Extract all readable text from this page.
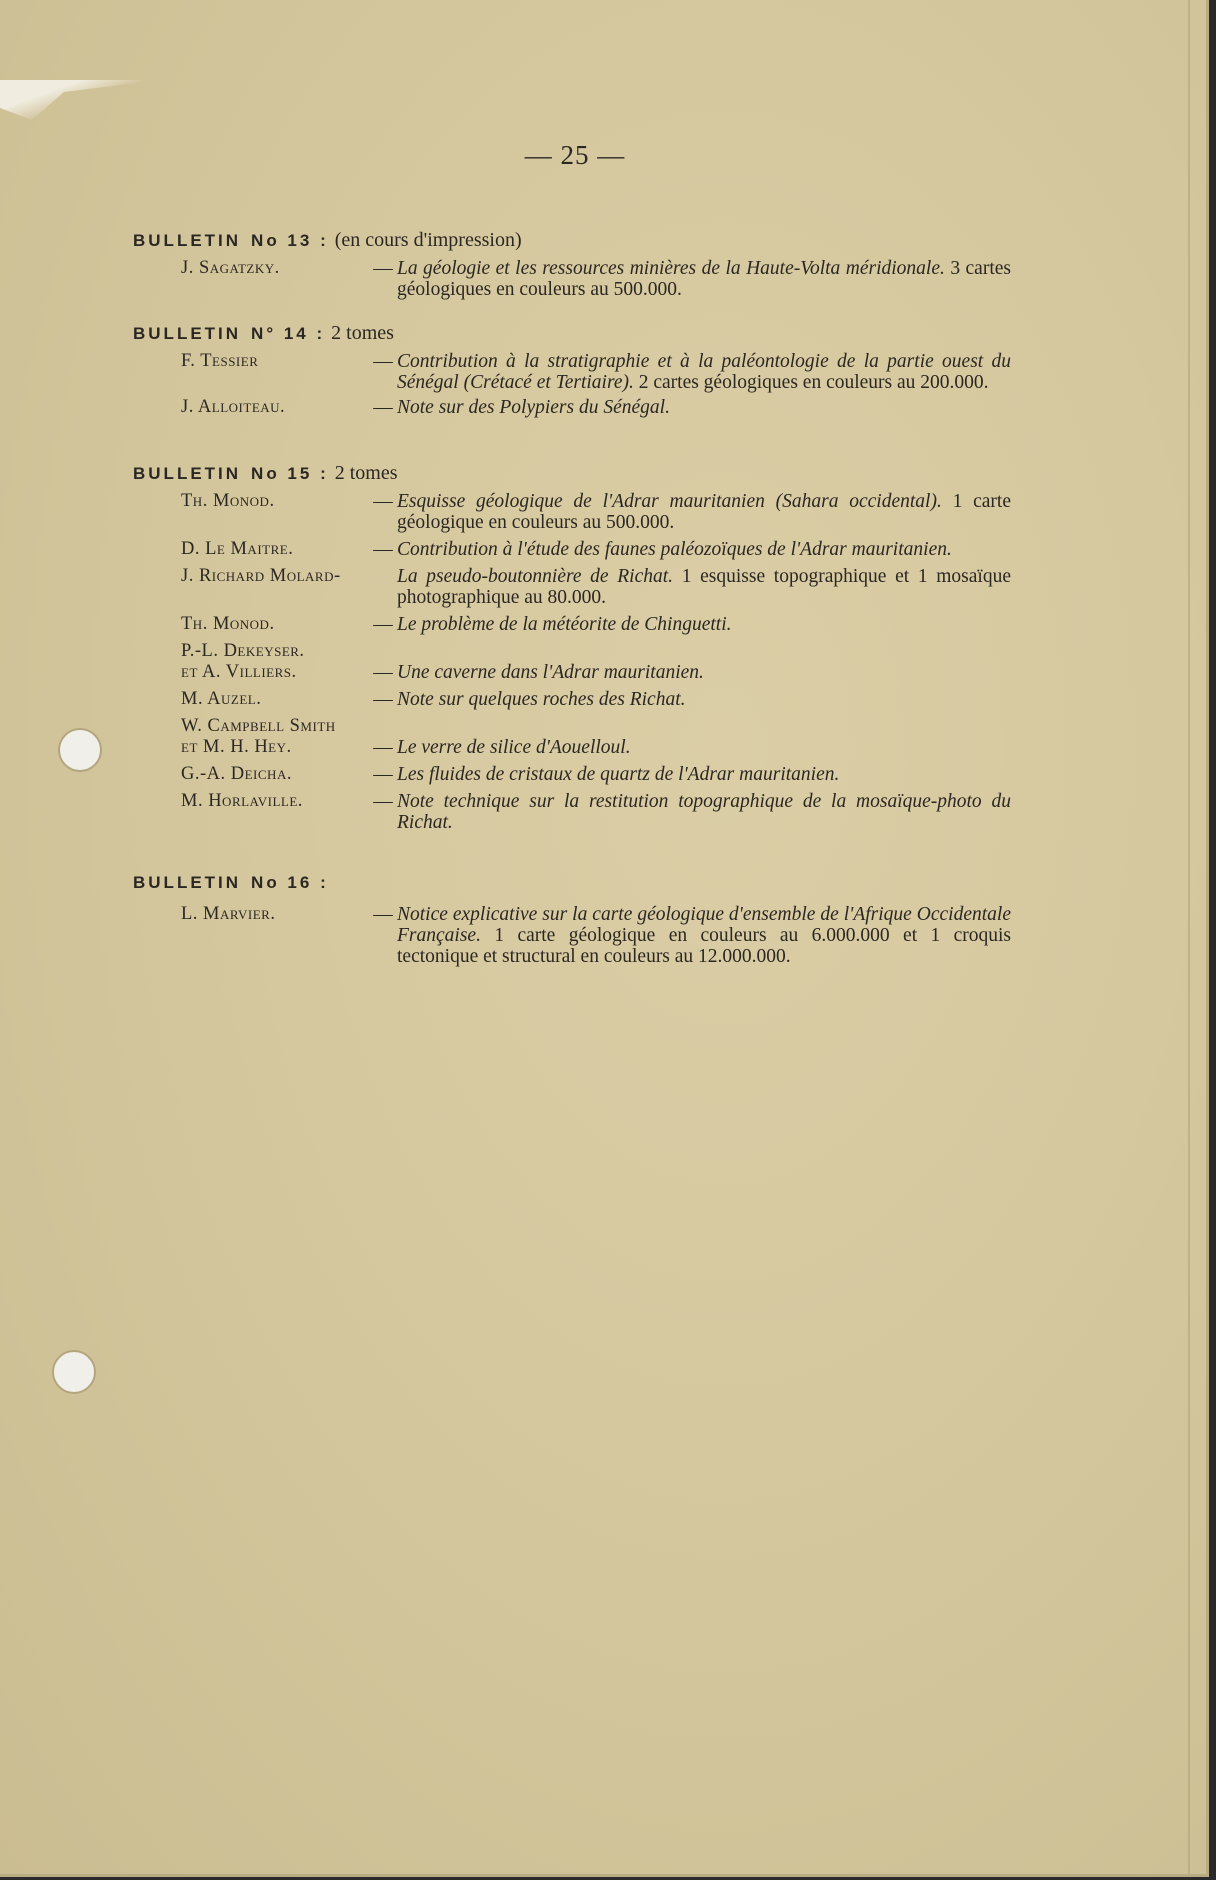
— 25 —
BULLETIN No 13 : (en cours d'impression)
J. Sagatzky.	— La géologie et les ressources minières de la Haute-Volta méridionale. 3 cartes géologiques en couleurs au 500.000.
BULLETIN N° 14 : 2 tomes
F. Tessier	— Contribution à la stratigraphie et à la paléontologie de la partie ouest du Sénégal (Crétacé et Tertiaire). 2 cartes géologiques en couleurs au 200.000.
J. Alloiteau.	— Note sur des Polypiers du Sénégal.
BULLETIN No 15 : 2 tomes
Th. Monod.	— Esquisse géologique de l'Adrar mauritanien (Sahara occidental). 1 carte géologique en couleurs au 500.000.
D. Le Maitre.	— Contribution à l'étude des faunes paléozoïques de l'Adrar mauritanien.
J. Richard Molard-	La pseudo-boutonnière de Richat. 1 esquisse topographique et 1 mosaïque photographique au 80.000.
Th. Monod.	— Le problème de la météorite de Chinguetti.
P.-L. Dekeyser.
et A. Villiers.	— Une caverne dans l'Adrar mauritanien.
M. Auzel.	— Note sur quelques roches des Richat.
W. Campbell Smith
et M. H. Hey.	— Le verre de silice d'Aouelloul.
G.-A. Deicha.	— Les fluides de cristaux de quartz de l'Adrar mauritanien.
M. Horlaville.	— Note technique sur la restitution topographique de la mosaïque-photo du Richat.
BULLETIN No 16 :
L. Marvier.	— Notice explicative sur la carte géologique d'ensemble de l'Afrique Occidentale Française. 1 carte géologique en couleurs au 6.000.000 et 1 croquis tectonique et structural en couleurs au 12.000.000.
